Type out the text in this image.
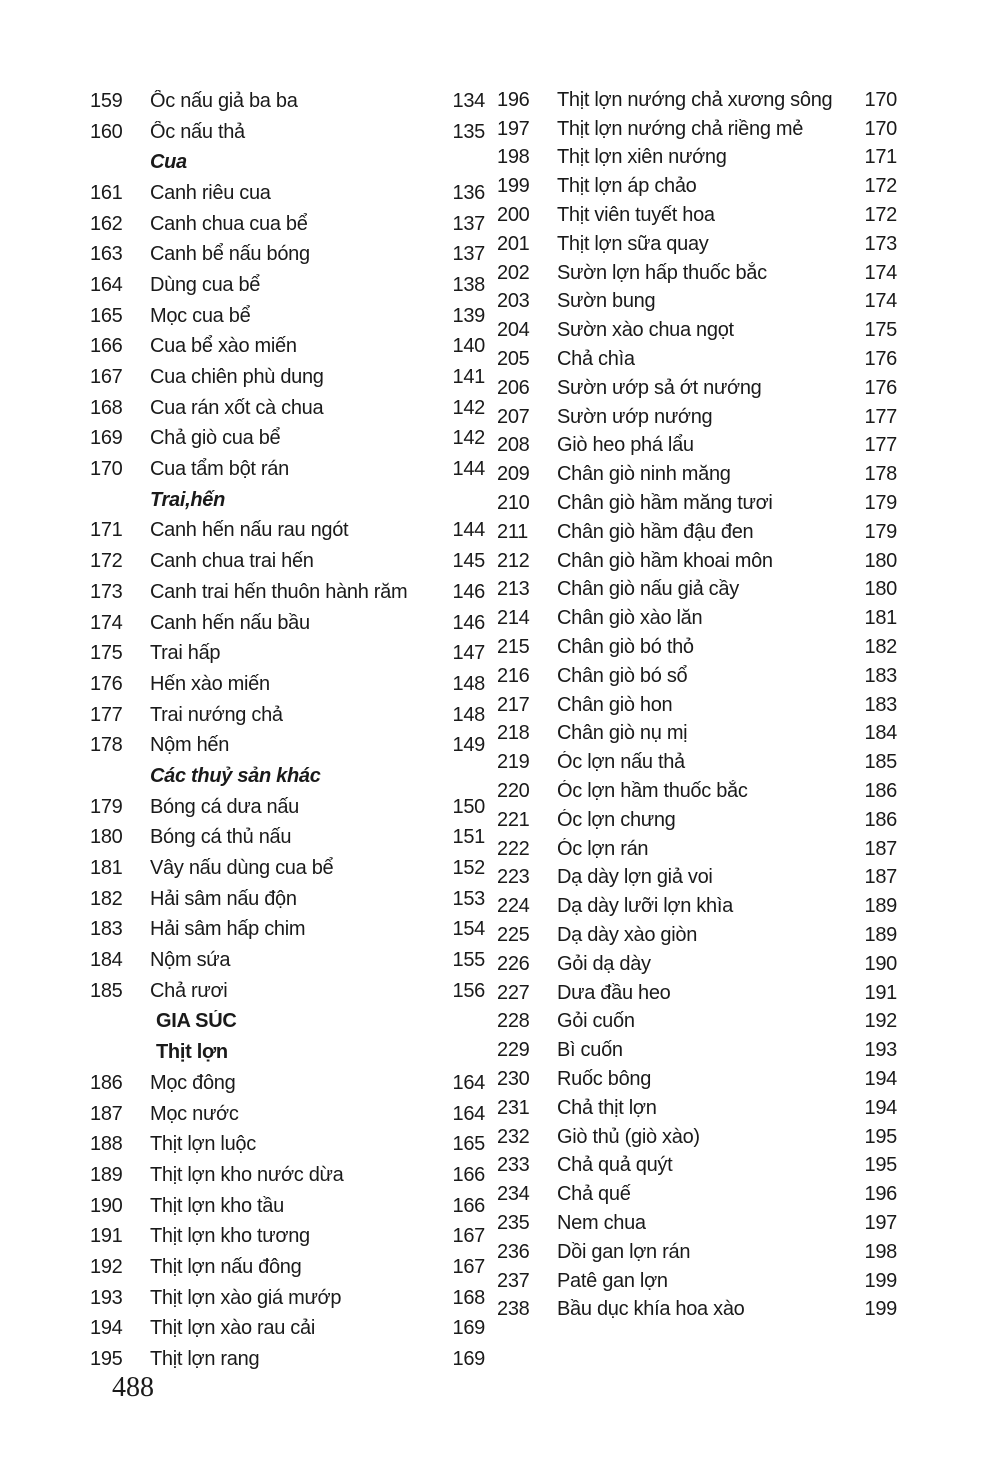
159	Ốc nấu giả ba ba	134
160	Ốc nấu thả	135
Cua
161	Canh riêu cua	136
162	Canh chua cua bể	137
163	Canh bể nấu bóng	137
164	Dùng cua bể	138
165	Mọc cua bể	139
166	Cua bể xào miến	140
167	Cua chiên phù dung	141
168	Cua rán xốt cà chua	142
169	Chả giò cua bể	142
170	Cua tẩm bột rán	144
Trai,hến
171	Canh hến nấu rau ngót	144
172	Canh chua trai hến	145
173	Canh trai hến thuôn hành răm	146
174	Canh hến nấu bầu	146
175	Trai hấp	147
176	Hến xào miến	148
177	Trai nướng chả	148
178	Nộm hến	149
Các thuỷ sản khác
179	Bóng cá dưa nấu	150
180	Bóng cá thủ nấu	151
181	Vây nấu dùng cua bể	152
182	Hải sâm nấu độn	153
183	Hải sâm hấp chim	154
184	Nộm sứa	155
185	Chả rươi	156
GIA SÚC
Thịt lợn
186	Mọc đông	164
187	Mọc nước	164
188	Thịt lợn luộc	165
189	Thịt lợn kho nước dừa	166
190	Thịt lợn kho tầu	166
191	Thịt lợn kho tương	167
192	Thịt lợn nấu đông	167
193	Thịt lợn xào giá mướp	168
194	Thịt lợn xào rau cải	169
195	Thịt lợn rang	169
196	Thịt lợn nướng chả xương sông	170
197	Thịt lợn nướng chả riềng mẻ	170
198	Thịt lợn xiên nướng	171
199	Thịt lợn áp chảo	172
200	Thịt viên tuyết hoa	172
201	Thịt lợn sữa quay	173
202	Sườn lợn hấp thuốc bắc	174
203	Sườn bung	174
204	Sườn xào chua ngọt	175
205	Chả chìa	176
206	Sườn ướp sả ớt nướng	176
207	Sườn ướp nướng	177
208	Giò heo phá lẩu	177
209	Chân giò ninh măng	178
210	Chân giò hầm măng tươi	179
211	Chân giò hầm đậu đen	179
212	Chân giò hầm khoai môn	180
213	Chân giò nấu giả cầy	180
214	Chân giò xào lăn	181
215	Chân giò bó thỏ	182
216	Chân giò bó sổ	183
217	Chân giò hon	183
218	Chân giò nụ mị	184
219	Óc lợn nấu thả	185
220	Óc lợn hầm thuốc bắc	186
221	Óc lợn chưng	186
222	Óc lợn rán	187
223	Dạ dày lợn giả voi	187
224	Dạ dày lưỡi lợn khìa	189
225	Dạ dày xào giòn	189
226	Gỏi dạ dày	190
227	Dưa đầu heo	191
228	Gỏi cuốn	192
229	Bì cuốn	193
230	Ruốc bông	194
231	Chả thịt lợn	194
232	Giò thủ (giò xào)	195
233	Chả quả quýt	195
234	Chả quế	196
235	Nem chua	197
236	Dồi gan lợn rán	198
237	Patê gan lợn	199
238	Bầu dục khía hoa xào	199
488
